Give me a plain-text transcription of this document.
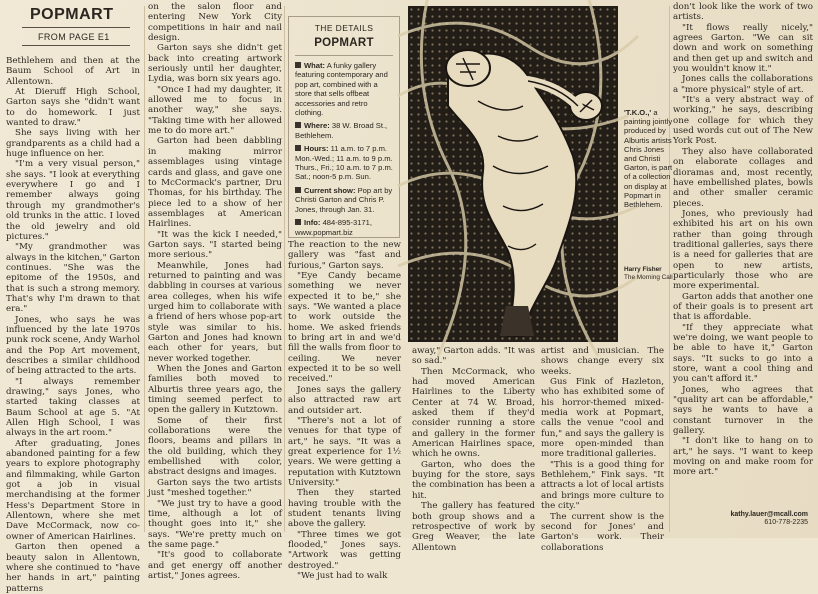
POPMART
FROM PAGE E1

Bethlehem and then at the Baum School of Art in Allentown.

At Dieruff High School, Garton says she "didn't want to do homework. I just wanted to draw."

She says living with her grandparents as a child had a huge influence on her.

"I'm a very visual person," she says. "I look at everything everywhere I go and I remember always going through my grandmother's old trunks in the attic. I loved the old jewelry and old pictures."

"My grandmother was always in the kitchen," Garton continues. "She was the epitome of the 1950s, and that is such a strong memory. That's why I'm drawn to that era."

Jones, who says he was influenced by the late 1970s punk rock scene, Andy Warhol and the Pop Art movement, describes a similar childhood of being attracted to the arts.

"I always remember drawing," says Jones, who started taking classes at Baum School at age 5. "At Allen High School, I was always in the art room."

After graduating, Jones abandoned painting for a few years to explore photography and filmmaking, while Garton got a job in visual merchandising at the former Hess's Department Store in Allentown, where she met Dave McCormack, now co-owner of American Hairlines.

Garton then opened a beauty salon in Allentown, where she continued to "have her hands in art," painting patterns

on the salon floor and entering New York City competitions in hair and nail design.

Garton says she didn't get back into creating artwork seriously until her daughter, Lydia, was born six years ago.

"Once I had my daughter, it allowed me to focus in another way," she says. "Taking time with her allowed me to do more art."

Garton had been dabbling in making mirror assemblages using vintage cards and glass, and gave one to McCormack's partner, Dru Thomas, for his birthday. The piece led to a show of her assemblages at American Hairlines.

"It was the kick I needed," Garton says. "I started being more serious."

Meanwhile, Jones had returned to painting and was dabbling in courses at various area colleges, when his wife urged him to collaborate with a friend of hers whose pop-art style was similar to his. Garton and Jones had known each other for years, but never worked together.

When the Jones and Garton families both moved to Alburtis three years ago, the timing seemed perfect to open the gallery in Kutztown.

Some of their first collaborations were the floors, beams and pillars in the old building, which they embellished with color, abstract designs and images.

Garton says the two artists just "meshed together."

"We just try to have a good time, although a lot of thought goes into it," she says. "We're pretty much on the same page."

"It's good to collaborate and get energy off another artist," Jones agrees.

The reaction to the new gallery was "fast and furious," Garton says.

"Eye Candy became something we never expected it to be," she says. "We wanted a place to work outside the home. We asked friends to bring art in and we'd fill the walls from floor to ceiling. We never expected it to be so well received."

Jones says the gallery also attracted raw art and outsider art.

"There's not a lot of venues for that type of art," he says. "It was a great experience for 1½ years. We were getting a reputation with Kutztown University."

Then they started having trouble with the student tenants living above the gallery.

"Three times we got flooded," Jones says. "Artwork was getting destroyed."

"We just had to walk

away," Garton adds. "It was so sad."

Then McCormack, who had moved American Hairlines to the Liberty Center at 74 W. Broad, asked them if they'd consider running a store and gallery in the former American Hairlines space, which he owns.

Garton, who does the buying for the store, says the combination has been a hit.

The gallery has featured both group shows and a retrospective of work by Greg Weaver, the late Allentown

artist and musician. The shows change every six weeks.

Gus Fink of Hazleton, who has exhibited some of his horror-themed mixed-media work at Popmart, calls the venue "cool and fun," and says the gallery is more open-minded than more traditional galleries.

"This is a good thing for Bethlehem," Fink says. "It attracts a lot of local artists and brings more culture to the city."

The current show is the second for Jones' and Garton's work. Their collaborations

don't look like the work of two artists.

"It flows really nicely," agrees Garton. "We can sit down and work on something and then get up and switch and you wouldn't know it."

Jones calls the collaborations a "more physical" style of art.

"It's a very abstract way of working," he says, describing one collage for which they used words cut out of The New York Post.

They also have collaborated on elaborate collages and dioramas and, most recently, have embellished plates, bowls and other smaller ceramic pieces.

Jones, who previously had exhibited his art on his own rather than going through traditional galleries, says there is a need for galleries that are open to new artists, particularly those who are more experimental.

Garton adds that another one of their goals is to present art that is affordable.

"If they appreciate what we're doing, we want people to be able to have it," Garton says. "It sucks to go into a store, want a cool thing and you can't afford it."

Jones, who agrees that "quality art can be affordable," says he wants to have a constant turnover in the gallery.

"I don't like to hang on to art," he says. "I want to keep moving on and make room for more art."

THE DETAILS
POPMART
What: A funky gallery featuring contemporary and pop art, combined with a store that sells offbeat accessories and retro clothing.
Where: 38 W. Broad St., Bethlehem.
Hours: 11 a.m. to 7 p.m. Mon.-Wed.; 11 a.m. to 9 p.m. Thurs., Fri.; 10 a.m. to 7 p.m. Sat.; noon-5 p.m. Sun.
Current show: Pop art by Christi Garton and Chris P. Jones, through Jan. 31.
Info: 484-895-3171, www.popmart.biz
'T.K.O.,' a painting jointly produced by Alburtis artists Chris Jones and Christi Garton, is part of a collection on display at Popmart in Bethlehem.
Harry Fisher
The Morning Call
kathy.lauer@mcall.com
610-778-2235
